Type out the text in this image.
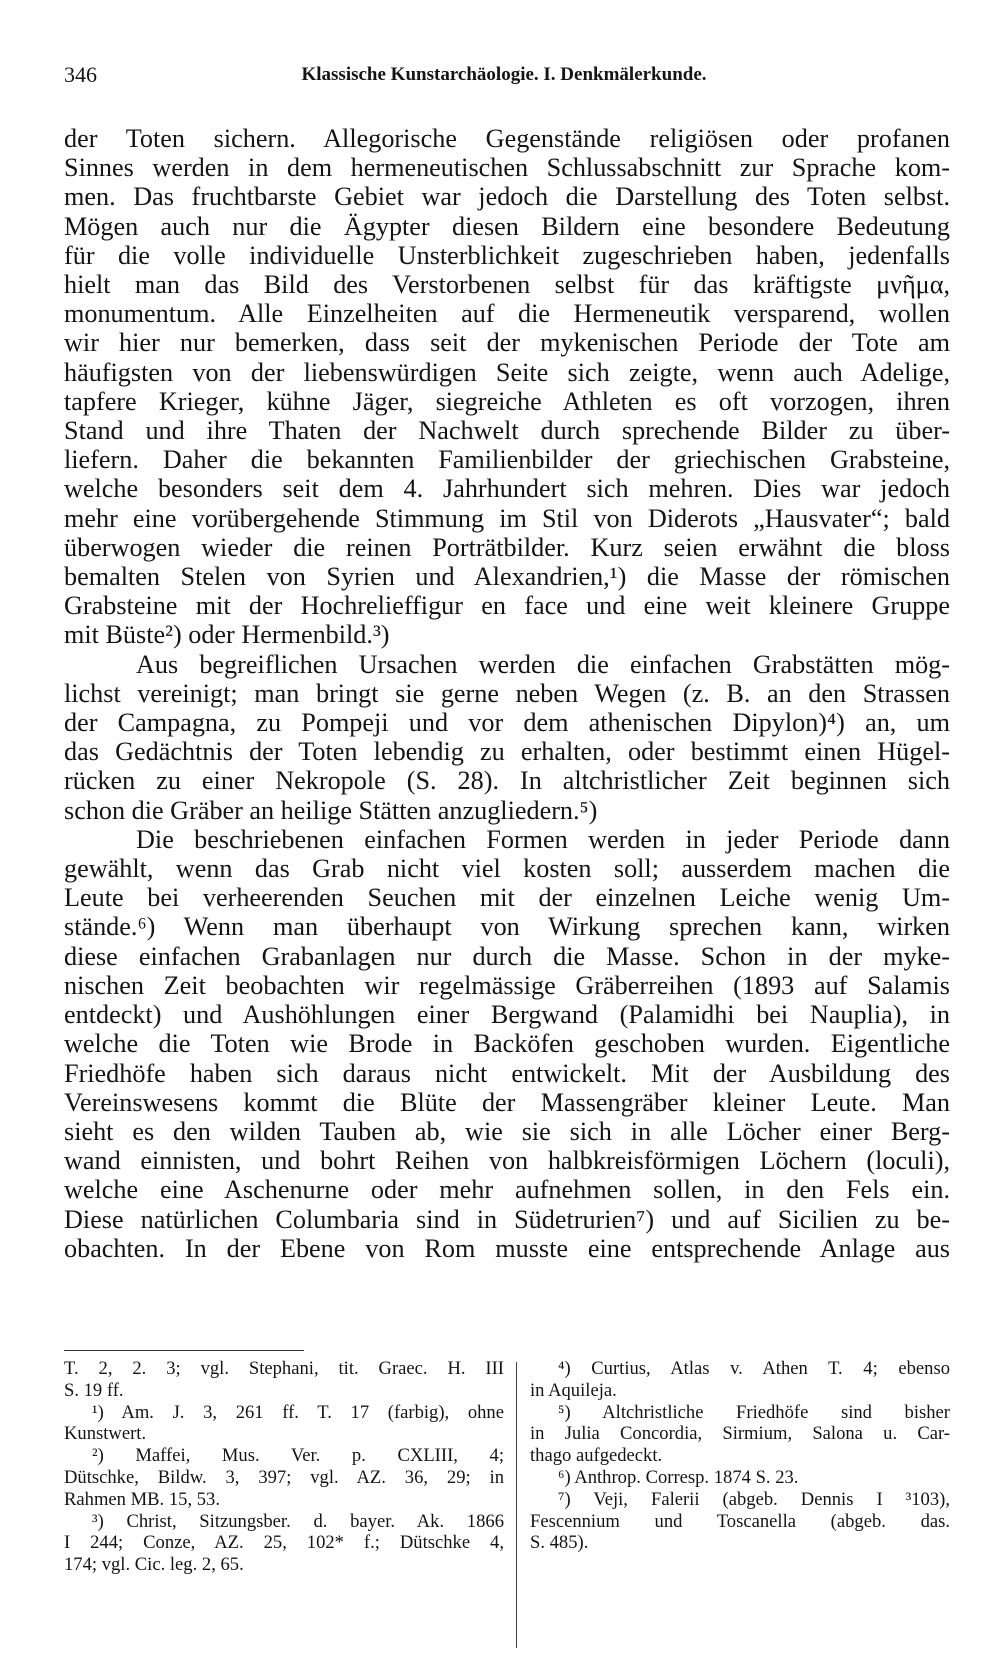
346	Klassische Kunstarchäologie. I. Denkmälerkunde.
der Toten sichern. Allegorische Gegenstände religiösen oder profanen
Sinnes werden in dem hermeneutischen Schlussabschnitt zur Sprache kom-
men. Das fruchtbarste Gebiet war jedoch die Darstellung des Toten selbst.
Mögen auch nur die Ägypter diesen Bildern eine besondere Bedeutung
für die volle individuelle Unsterblichkeit zugeschrieben haben, jedenfalls
hielt man das Bild des Verstorbenen selbst für das kräftigste μνῆμα,
monumentum. Alle Einzelheiten auf die Hermeneutik versparend, wollen
wir hier nur bemerken, dass seit der mykenischen Periode der Tote am
häufigsten von der liebenswürdigen Seite sich zeigte, wenn auch Adelige,
tapfere Krieger, kühne Jäger, siegreiche Athleten es oft vorzogen, ihren
Stand und ihre Thaten der Nachwelt durch sprechende Bilder zu über-
liefern. Daher die bekannten Familienbilder der griechischen Grabsteine,
welche besonders seit dem 4. Jahrhundert sich mehren. Dies war jedoch
mehr eine vorübergehende Stimmung im Stil von Diderots „Hausvater“; bald
überwogen wieder die reinen Porträtbilder. Kurz seien erwähnt die bloss
bemalten Stelen von Syrien und Alexandrien,¹) die Masse der römischen
Grabsteine mit der Hochrelieffigur en face und eine weit kleinere Gruppe
mit Büste²) oder Hermenbild.³)
Aus begreiflichen Ursachen werden die einfachen Grabstätten mög-
lichst vereinigt; man bringt sie gerne neben Wegen (z. B. an den Strassen
der Campagna, zu Pompeji und vor dem athenischen Dipylon)⁴) an, um
das Gedächtnis der Toten lebendig zu erhalten, oder bestimmt einen Hügel-
rücken zu einer Nekropole (S. 28). In altchristlicher Zeit beginnen sich
schon die Gräber an heilige Stätten anzugliedern.⁵)
Die beschriebenen einfachen Formen werden in jeder Periode dann
gewählt, wenn das Grab nicht viel kosten soll; ausserdem machen die
Leute bei verheerenden Seuchen mit der einzelnen Leiche wenig Um-
stände.⁶) Wenn man überhaupt von Wirkung sprechen kann, wirken
diese einfachen Grabanlagen nur durch die Masse. Schon in der myke-
nischen Zeit beobachten wir regelmässige Gräberreihen (1893 auf Salamis
entdeckt) und Aushöhlungen einer Bergwand (Palamidhi bei Nauplia), in
welche die Toten wie Brode in Backöfen geschoben wurden. Eigentliche
Friedhöfe haben sich daraus nicht entwickelt. Mit der Ausbildung des
Vereinswesens kommt die Blüte der Massengräber kleiner Leute. Man
sieht es den wilden Tauben ab, wie sie sich in alle Löcher einer Berg-
wand einnisten, und bohrt Reihen von halbkreisförmigen Löchern (loculi),
welche eine Aschenurne oder mehr aufnehmen sollen, in den Fels ein.
Diese natürlichen Columbaria sind in Südetrurien⁷) und auf Sicilien zu be-
obachten. In der Ebene von Rom musste eine entsprechende Anlage aus
T. 2, 2. 3; vgl. Stephani, tit. Graec. H. III
S. 19 ff.
¹) Am. J. 3, 261 ff. T. 17 (farbig), ohne
Kunstwert.
²) Maffei, Mus. Ver. p. CXLIII, 4;
Dütschke, Bildw. 3, 397; vgl. AZ. 36, 29; in
Rahmen MB. 15, 53.
³) Christ, Sitzungsber. d. bayer. Ak. 1866
I 244; Conze, AZ. 25, 102* f.; Dütschke 4,
174; vgl. Cic. leg. 2, 65.
⁴) Curtius, Atlas v. Athen T. 4; ebenso
in Aquileja.
⁵) Altchristliche Friedhöfe sind bisher
in Julia Concordia, Sirmium, Salona u. Car-
thago aufgedeckt.
⁶) Anthrop. Corresp. 1874 S. 23.
⁷) Veji, Falerii (abgeb. Dennis I ³103),
Fescennium und Toscanella (abgeb. das.
S. 485).
